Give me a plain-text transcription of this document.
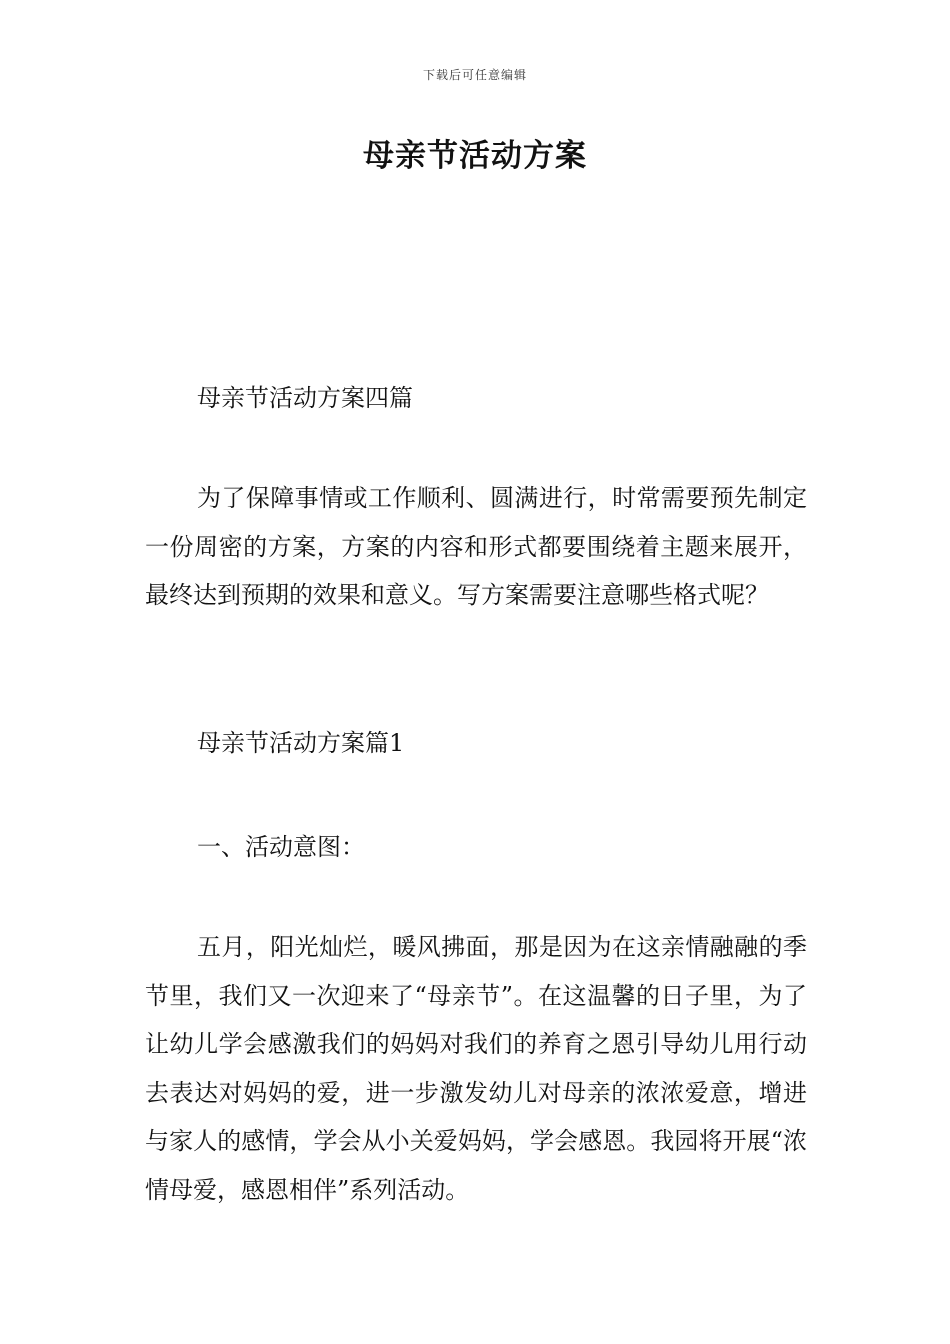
下载后可任意编辑
母亲节活动方案

母亲节活动方案四篇

为了保障事情或工作顺利、圆满进行，时常需要预先制定一份周密的方案，方案的内容和形式都要围绕着主题来展开，最终达到预期的效果和意义。写方案需要注意哪些格式呢？

母亲节活动方案篇1

一、活动意图：

五月，阳光灿烂，暖风拂面，那是因为在这亲情融融的季节里，我们又一次迎来了“母亲节”。在这温馨的日子里，为了让幼儿学会感激我们的妈妈对我们的养育之恩引导幼儿用行动去表达对妈妈的爱，进一步激发幼儿对母亲的浓浓爱意，增进与家人的感情，学会从小关爱妈妈，学会感恩。我园将开展“浓情母爱，感恩相伴”系列活动。
